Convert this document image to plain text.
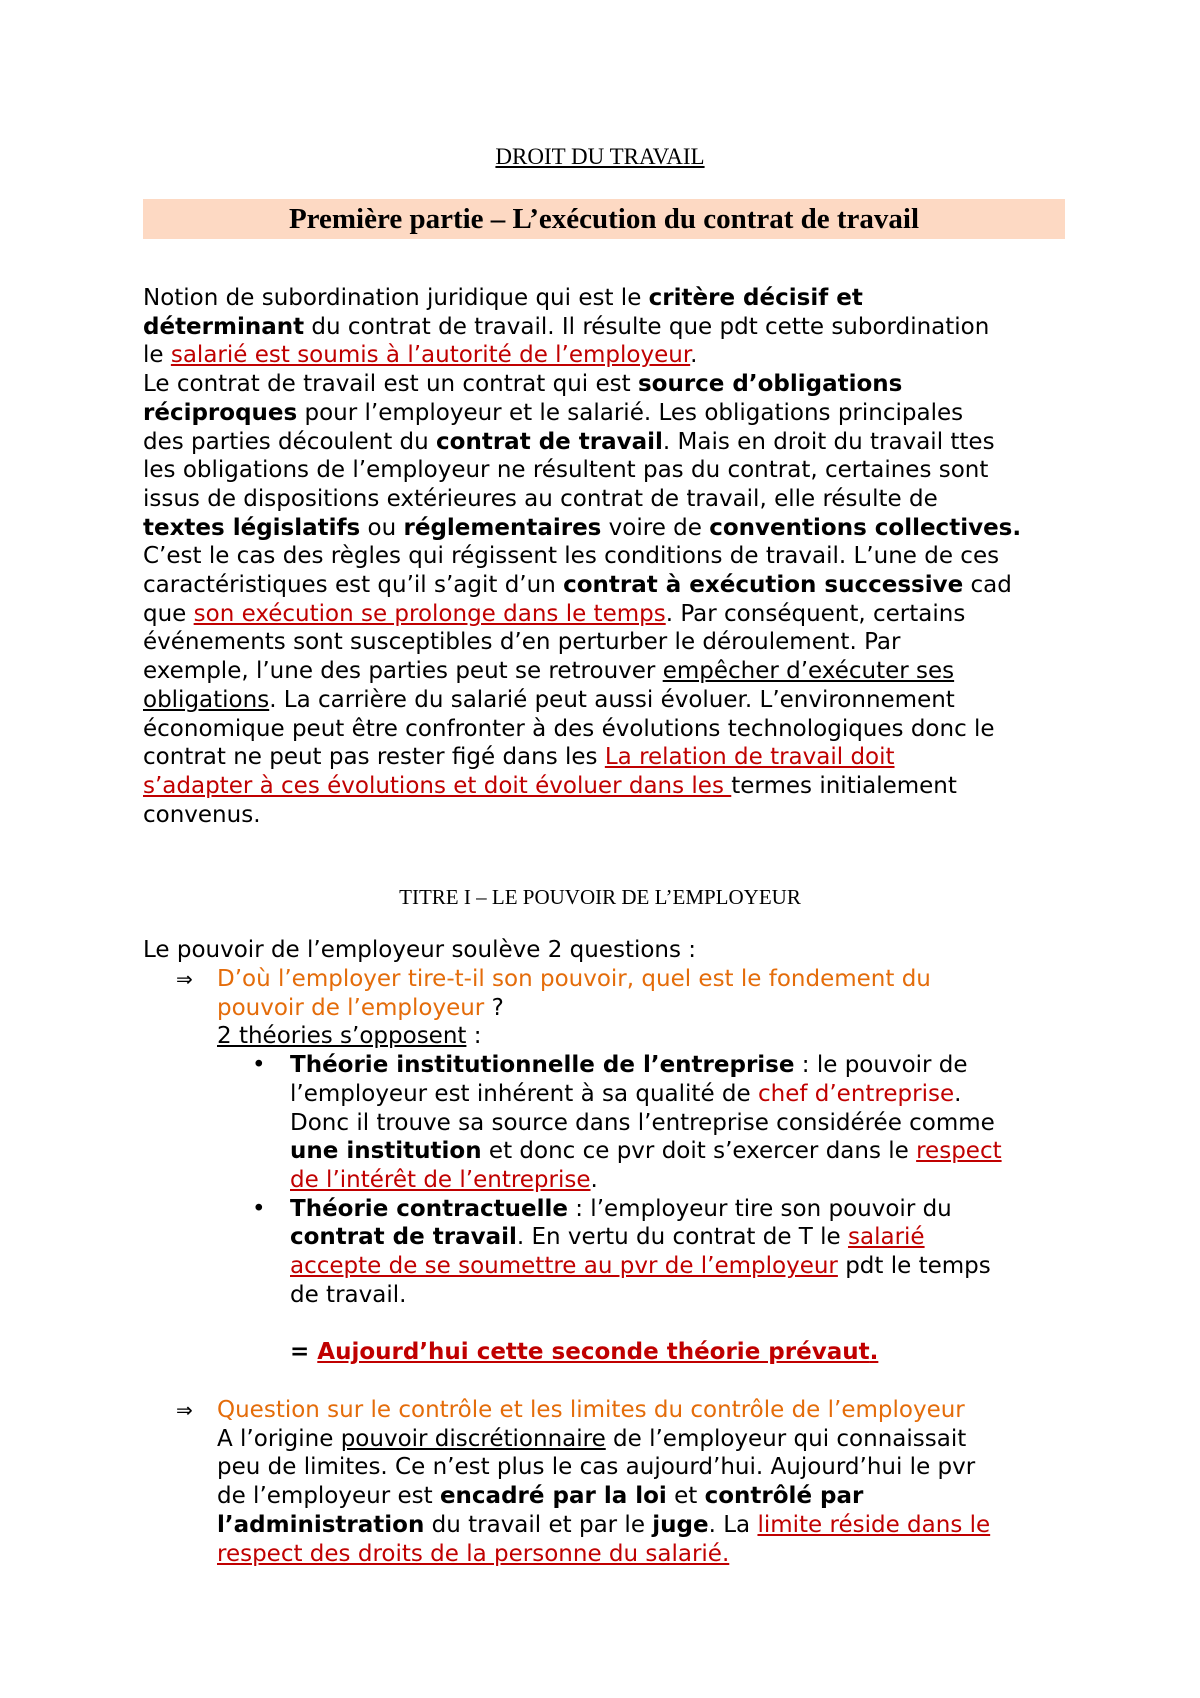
DROIT DU TRAVAIL
Première partie – L’exécution du contrat de travail
Notion de subordination juridique qui est le critère décisif et
déterminant du contrat de travail. Il résulte que pdt cette subordination
le salarié est soumis à l’autorité de l’employeur.
Le contrat de travail est un contrat qui est source d’obligations
réciproques pour l’employeur et le salarié. Les obligations principales
des parties découlent du contrat de travail. Mais en droit du travail ttes
les obligations de l’employeur ne résultent pas du contrat, certaines sont
issus de dispositions extérieures au contrat de travail, elle résulte de
textes législatifs ou réglementaires voire de conventions collectives.
C’est le cas des règles qui régissent les conditions de travail. L’une de ces
caractéristiques est qu’il s’agit d’un contrat à exécution successive cad
que son exécution se prolonge dans le temps. Par conséquent, certains
événements sont susceptibles d’en perturber le déroulement. Par
exemple, l’une des parties peut se retrouver empêcher d’exécuter ses
obligations. La carrière du salarié peut aussi évoluer. L’environnement
économique peut être confronter à des évolutions technologiques donc le
contrat ne peut pas rester figé dans les La relation de travail doit
s’adapter à ces évolutions et doit évoluer dans les termes initialement
convenus.
TITRE I – LE POUVOIR DE L’EMPLOYEUR
Le pouvoir de l’employeur soulève 2 questions :
⇒	D’où l’employer tire-t-il son pouvoir, quel est le fondement du
pouvoir de l’employeur ?
2 théories s’opposent :
• Théorie institutionnelle de l’entreprise : le pouvoir de
l’employeur est inhérent à sa qualité de chef d’entreprise.
Donc il trouve sa source dans l’entreprise considérée comme
une institution et donc ce pvr doit s’exercer dans le respect
de l’intérêt de l’entreprise.
• Théorie contractuelle : l’employeur tire son pouvoir du
contrat de travail. En vertu du contrat de T le salarié
accepte de se soumettre au pvr de l’employeur pdt le temps
de travail.

= Aujourd’hui cette seconde théorie prévaut.
⇒	Question sur le contrôle et les limites du contrôle de l’employeur
A l’origine pouvoir discrétionnaire de l’employeur qui connaissait
peu de limites. Ce n’est plus le cas aujourd’hui. Aujourd’hui le pvr
de l’employeur est encadré par la loi et contrôlé par
l’administration du travail et par le juge. La limite réside dans le
respect des droits de la personne du salarié.
